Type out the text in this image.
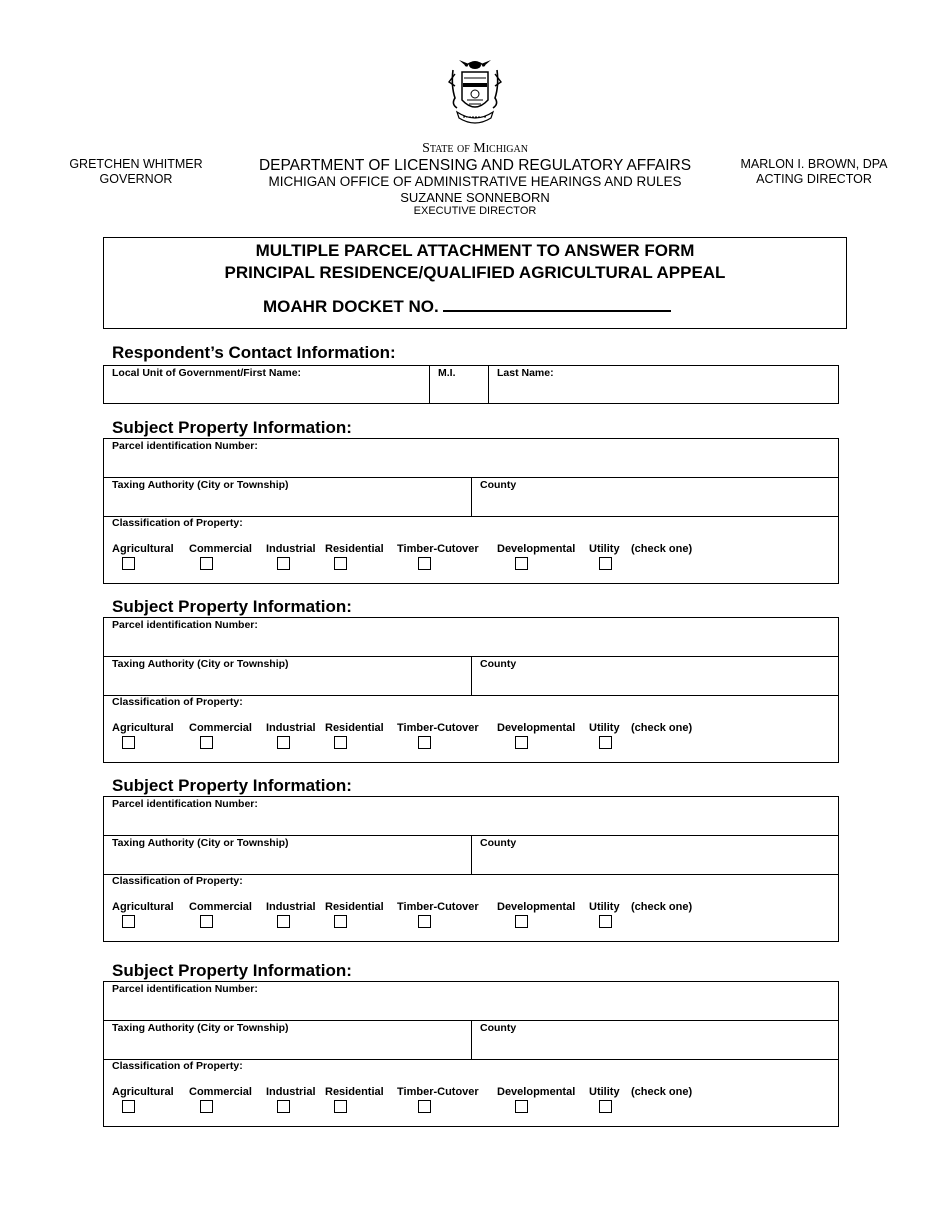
GRETCHEN WHITMER
GOVERNOR
State of Michigan
DEPARTMENT OF LICENSING AND REGULATORY AFFAIRS
MICHIGAN OFFICE OF ADMINISTRATIVE HEARINGS AND RULES
SUZANNE SONNEBORN
EXECUTIVE DIRECTOR
MARLON I. BROWN, DPA
ACTING DIRECTOR
MULTIPLE PARCEL ATTACHMENT TO ANSWER FORM
PRINCIPAL RESIDENCE/QUALIFIED AGRICULTURAL APPEAL
MOAHR DOCKET NO.
Respondent’s Contact Information:
Local Unit of Government/First Name:	M.I.	Last Name:
Subject Property Information:
Parcel identification Number:
Taxing Authority (City or Township)	County
Classification of Property:
Agricultural Commercial Industrial Residential Timber-Cutover Developmental Utility (check one)
Subject Property Information:
Parcel identification Number:
Taxing Authority (City or Township)	County
Classification of Property:
Agricultural Commercial Industrial Residential Timber-Cutover Developmental Utility (check one)
Subject Property Information:
Parcel identification Number:
Taxing Authority (City or Township)	County
Classification of Property:
Agricultural Commercial Industrial Residential Timber-Cutover Developmental Utility (check one)
Subject Property Information:
Parcel identification Number:
Taxing Authority (City or Township)	County
Classification of Property:
Agricultural Commercial Industrial Residential Timber-Cutover Developmental Utility (check one)
